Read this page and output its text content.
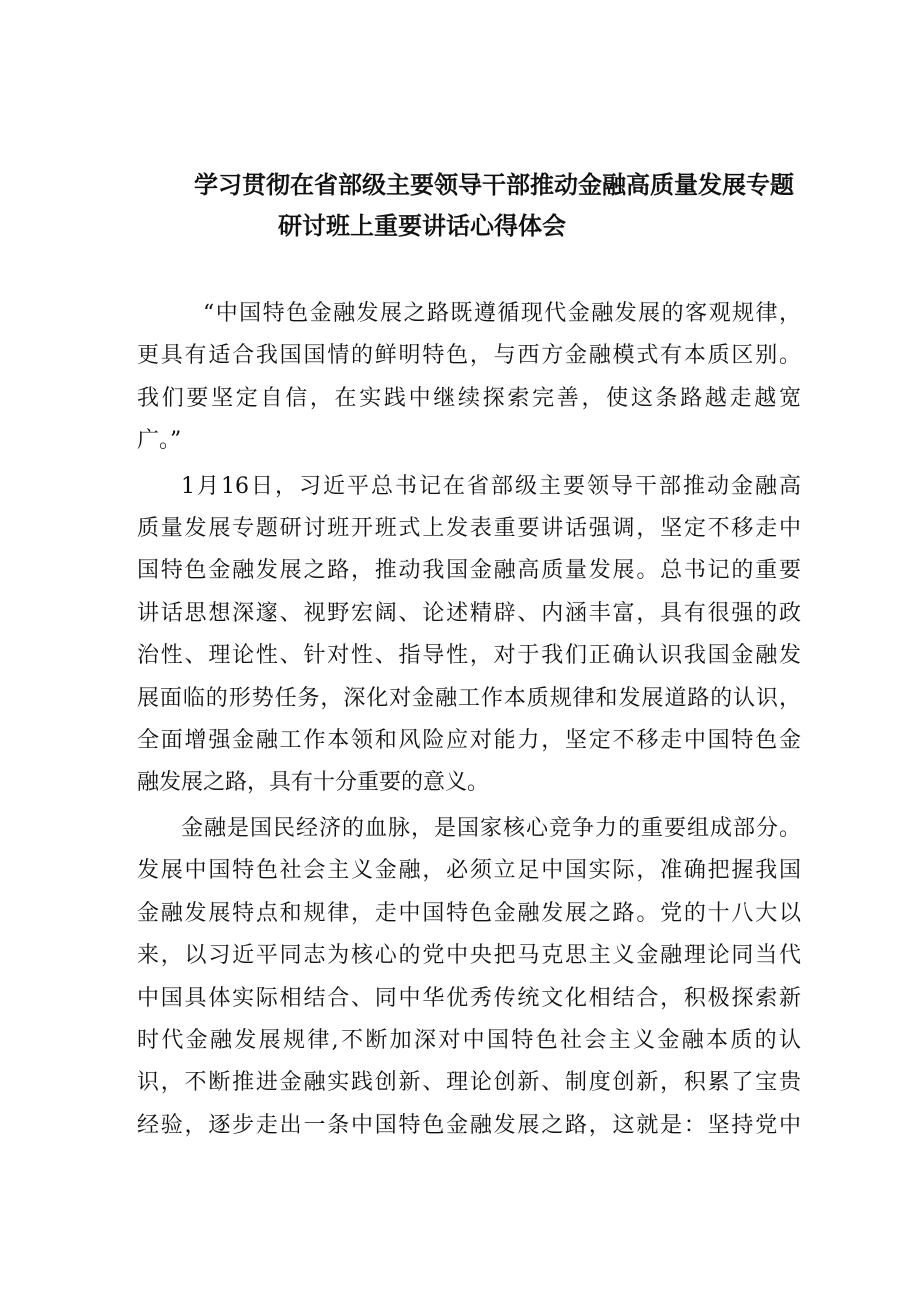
学习贯彻在省部级主要领导干部推动金融高质量发展专题
研讨班上重要讲话心得体会
“中国特色金融发展之路既遵循现代金融发展的客观规律，
更具有适合我国国情的鲜明特色，与西方金融模式有本质区别。
我们要坚定自信，在实践中继续探索完善，使这条路越走越宽
广。”
1月16日，习近平总书记在省部级主要领导干部推动金融高
质量发展专题研讨班开班式上发表重要讲话强调，坚定不移走中
国特色金融发展之路，推动我国金融高质量发展。总书记的重要
讲话思想深邃、视野宏阔、论述精辟、内涵丰富，具有很强的政
治性、理论性、针对性、指导性，对于我们正确认识我国金融发
展面临的形势任务，深化对金融工作本质规律和发展道路的认识，
全面增强金融工作本领和风险应对能力，坚定不移走中国特色金
融发展之路，具有十分重要的意义。
金融是国民经济的血脉，是国家核心竞争力的重要组成部分。
发展中国特色社会主义金融，必须立足中国实际，准确把握我国
金融发展特点和规律，走中国特色金融发展之路。党的十八大以
来，以习近平同志为核心的党中央把马克思主义金融理论同当代
中国具体实际相结合、同中华优秀传统文化相结合，积极探索新
时代金融发展规律,不断加深对中国特色社会主义金融本质的认
识，不断推进金融实践创新、理论创新、制度创新，积累了宝贵
经验，逐步走出一条中国特色金融发展之路，这就是：坚持党中
